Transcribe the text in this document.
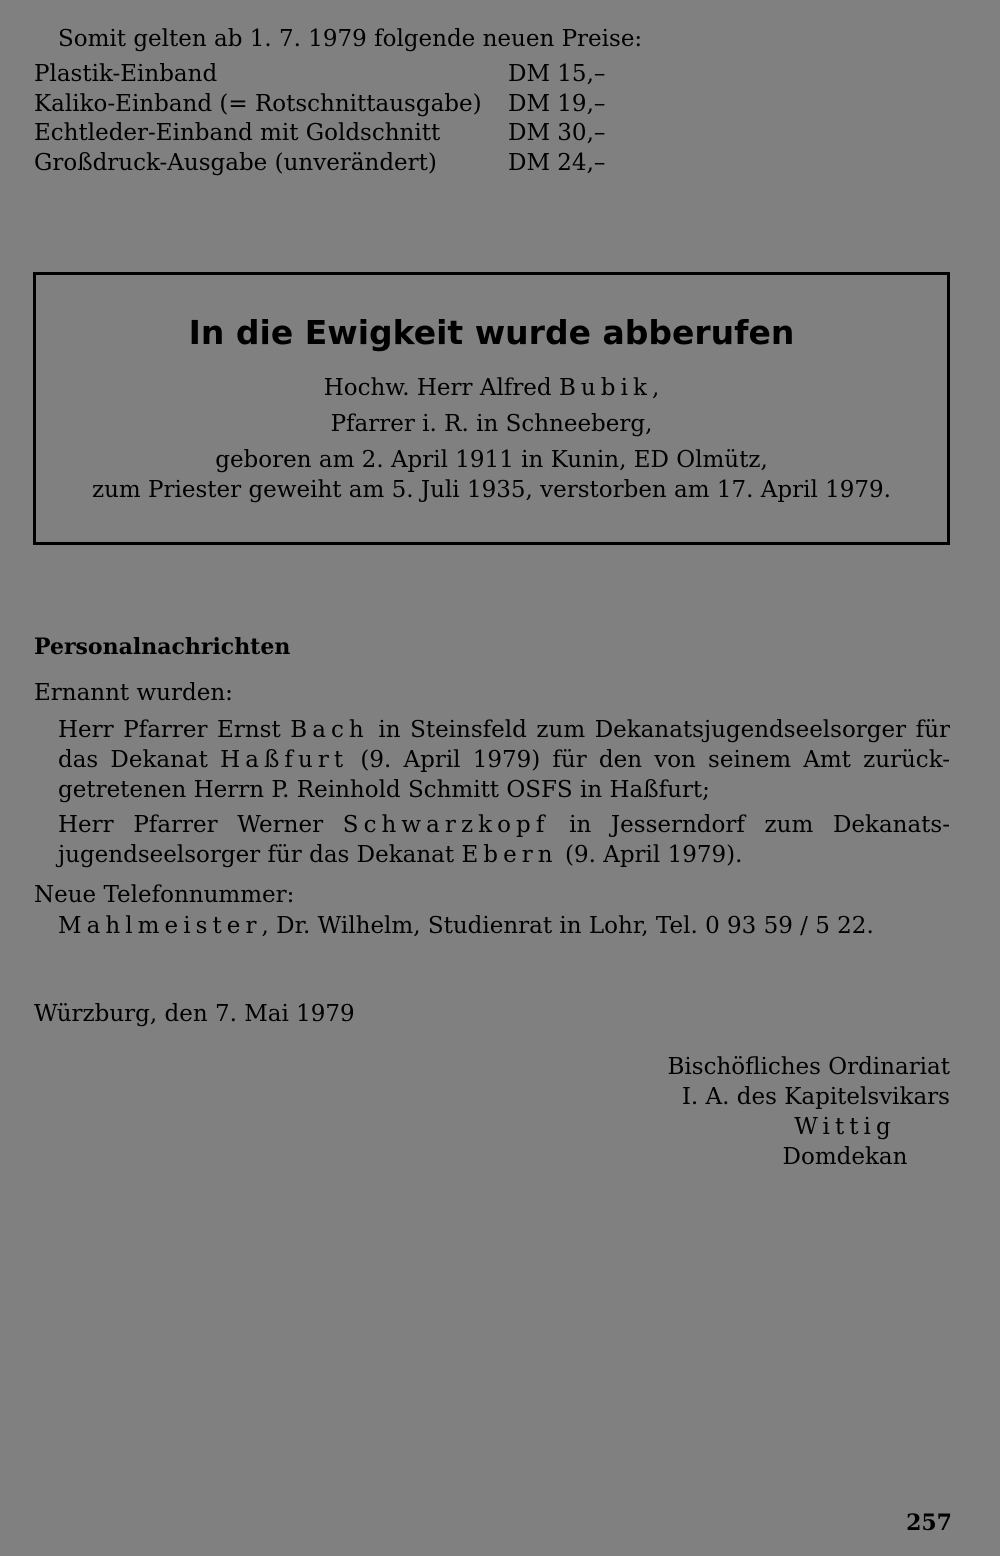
Somit gelten ab 1. 7. 1979 folgende neuen Preise:
Plastik-Einband	DM 15,–
Kaliko-Einband (= Rotschnittausgabe)	DM 19,–
Echtleder-Einband mit Goldschnitt	DM 30,–
Großdruck-Ausgabe (unverändert)	DM 24,–
In die Ewigkeit wurde abberufen
Hochw. Herr Alfred Bubik,
Pfarrer i. R. in Schneeberg,
geboren am 2. April 1911 in Kunin, ED Olmütz,
zum Priester geweiht am 5. Juli 1935, verstorben am 17. April 1979.
Personalnachrichten
Ernannt wurden:
Herr Pfarrer Ernst Bach in Steinsfeld zum Dekanatsjugendseelsorger für
das Dekanat Haßfurt (9. April 1979) für den von seinem Amt zurück-
getretenen Herrn P. Reinhold Schmitt OSFS in Haßfurt;
Herr Pfarrer Werner Schwarzkopf in Jesserndorf zum Dekanats-
jugendseelsorger für das Dekanat Ebern (9. April 1979).
Neue Telefonnummer:
Mahlmeister, Dr. Wilhelm, Studienrat in Lohr, Tel. 0 93 59 / 5 22.
Würzburg, den 7. Mai 1979
Bischöfliches Ordinariat
I. A. des Kapitelsvikars
Wittig
Domdekan
257
